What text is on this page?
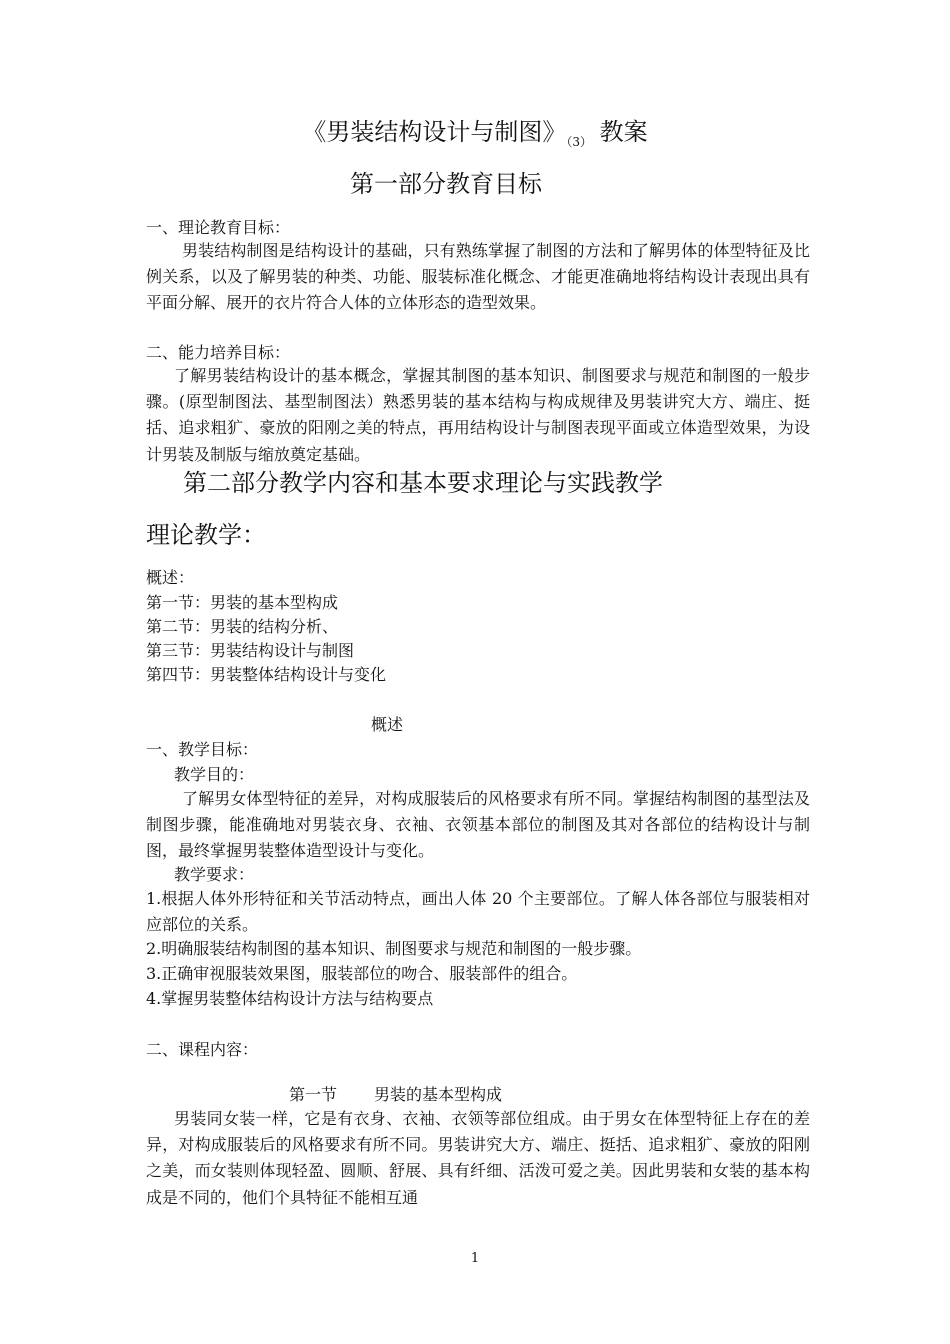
《男装结构设计与制图》$_{(3)}$ 教案
第一部分教育目标
一、理论教育目标：
男装结构制图是结构设计的基础，只有熟练掌握了制图的方法和了解男体的体型特征及比例关系，以及了解男装的种类、功能、服装标准化概念、才能更准确地将结构设计表现出具有平面分解、展开的衣片符合人体的立体形态的造型效果。
二、能力培养目标：
了解男装结构设计的基本概念，掌握其制图的基本知识、制图要求与规范和制图的一般步骤。(原型制图法、基型制图法）熟悉男装的基本结构与构成规律及男装讲究大方、端庄、挺括、追求粗犷、豪放的阳刚之美的特点，再用结构设计与制图表现平面或立体造型效果，为设计男装及制版与缩放奠定基础。
第二部分教学内容和基本要求理论与实践教学
理论教学：
概述：
第一节：男装的基本型构成
第二节：男装的结构分析、
第三节：男装结构设计与制图
第四节：男装整体结构设计与变化
概述
一、教学目标：
教学目的：
了解男女体型特征的差异，对构成服装后的风格要求有所不同。掌握结构制图的基型法及制图步骤，能准确地对男装衣身、衣袖、衣领基本部位的制图及其对各部位的结构设计与制图，最终掌握男装整体造型设计与变化。
教学要求：
1.根据人体外形特征和关节活动特点，画出人体 20 个主要部位。了解人体各部位与服装相对应部位的关系。
2.明确服装结构制图的基本知识、制图要求与规范和制图的一般步骤。
3.正确审视服装效果图，服装部位的吻合、服装部件的组合。
4.掌握男装整体结构设计方法与结构要点
二、课程内容：
第一节 男装的基本型构成
男装同女装一样，它是有衣身、衣袖、衣领等部位组成。由于男女在体型特征上存在的差异，对构成服装后的风格要求有所不同。男装讲究大方、端庄、挺括、追求粗犷、豪放的阳刚之美，而女装则体现轻盈、圆顺、舒展、具有纤细、活泼可爱之美。因此男装和女装的基本构成是不同的，他们个具特征不能相互通
1
